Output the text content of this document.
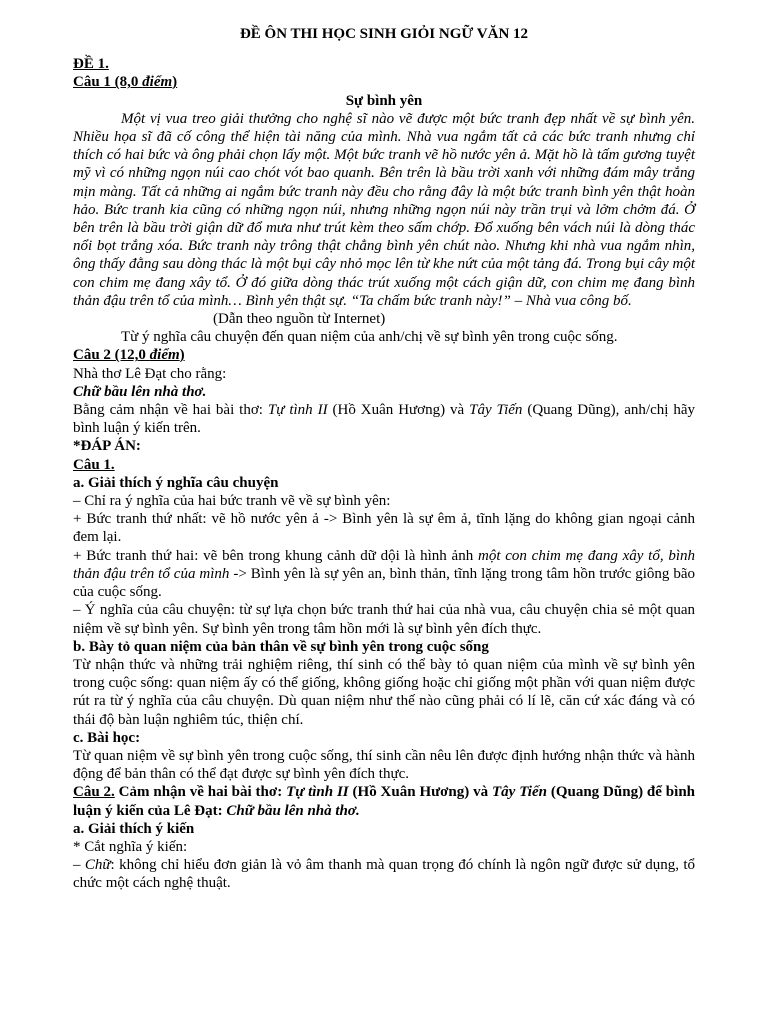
ĐỀ ÔN THI HỌC SINH GIỎI NGỮ VĂN 12

ĐỀ 1.

Câu 1 (8,0 điểm)

Sự bình yên

Một vị vua treo giải thưởng cho nghệ sĩ nào vẽ được một bức tranh đẹp nhất về sự bình yên. Nhiều họa sĩ đã cố công thể hiện tài năng của mình. Nhà vua ngắm tất cả các bức tranh nhưng chỉ thích có hai bức và ông phải chọn lấy một. Một bức tranh vẽ hồ nước yên ả. Mặt hồ là tấm gương tuyệt mỹ vì có những ngọn núi cao chót vót bao quanh. Bên trên là bầu trời xanh với những đám mây trắng mịn màng. Tất cả những ai ngắm bức tranh này đều cho rằng đây là một bức tranh bình yên thật hoàn hảo. Bức tranh kia cũng có những ngọn núi, nhưng những ngọn núi này trần trụi và lởm chởm đá. Ở bên trên là bầu trời giận dữ đổ mưa như trút kèm theo sấm chớp. Đổ xuống bên vách núi là dòng thác nổi bọt trắng xóa. Bức tranh này trông thật chẳng bình yên chút nào. Nhưng khi nhà vua ngắm nhìn, ông thấy đằng sau dòng thác là một bụi cây nhỏ mọc lên từ khe nứt của một tảng đá. Trong bụi cây một con chim mẹ đang xây tổ. Ở đó giữa dòng thác trút xuống một cách giận dữ, con chim mẹ đang bình thản đậu trên tổ của mình… Bình yên thật sự. “Ta chấm bức tranh này!” – Nhà vua công bố.

(Dẫn theo nguồn từ Internet)

Từ ý nghĩa câu chuyện đến quan niệm của anh/chị về sự bình yên trong cuộc sống.

Câu 2 (12,0 điểm)

Nhà thơ Lê Đạt cho rằng:

Chữ bầu lên nhà thơ.

Bằng cảm nhận về hai bài thơ: Tự tình II (Hồ Xuân Hương) và Tây Tiến (Quang Dũng), anh/chị hãy bình luận ý kiến trên.

*ĐÁP ÁN:

Câu 1.

a. Giải thích ý nghĩa câu chuyện

– Chỉ ra ý nghĩa của hai bức tranh vẽ về sự bình yên:

+ Bức tranh thứ nhất: vẽ hồ nước yên ả -> Bình yên là sự êm ả, tĩnh lặng do không gian ngoại cảnh đem lại.

+ Bức tranh thứ hai: vẽ bên trong khung cảnh dữ dội là hình ảnh một con chim mẹ đang xây tổ, bình thản đậu trên tổ của mình -> Bình yên là sự yên an, bình thản, tĩnh lặng trong tâm hồn trước giông bão của cuộc sống.

– Ý nghĩa của câu chuyện: từ sự lựa chọn bức tranh thứ hai của nhà vua, câu chuyện chia sẻ một quan niệm về sự bình yên. Sự bình yên trong tâm hồn mới là sự bình yên đích thực.

b. Bày tỏ quan niệm của bản thân về sự bình yên trong cuộc sống

Từ nhận thức và những trải nghiệm riêng, thí sinh có thể bày tỏ quan niệm của mình về sự bình yên trong cuộc sống: quan niệm ấy có thể giống, không giống hoặc chỉ giống một phần với quan niệm được rút ra từ ý nghĩa của câu chuyện. Dù quan niệm như thế nào cũng phải có lí lẽ, căn cứ xác đáng và có thái độ bàn luận nghiêm túc, thiện chí.

c. Bài học:

Từ quan niệm về sự bình yên trong cuộc sống, thí sinh cần nêu lên được định hướng nhận thức và hành động để bản thân có thể đạt được sự bình yên đích thực.

Câu 2. Cảm nhận về hai bài thơ: Tự tình II (Hồ Xuân Hương) và Tây Tiến (Quang Dũng) để bình luận ý kiến của Lê Đạt: Chữ bầu lên nhà thơ.

a. Giải thích ý kiến

* Cắt nghĩa ý kiến:

– Chữ: không chỉ hiểu đơn giản là vỏ âm thanh mà quan trọng đó chính là ngôn ngữ được sử dụng, tổ chức một cách nghệ thuật.
